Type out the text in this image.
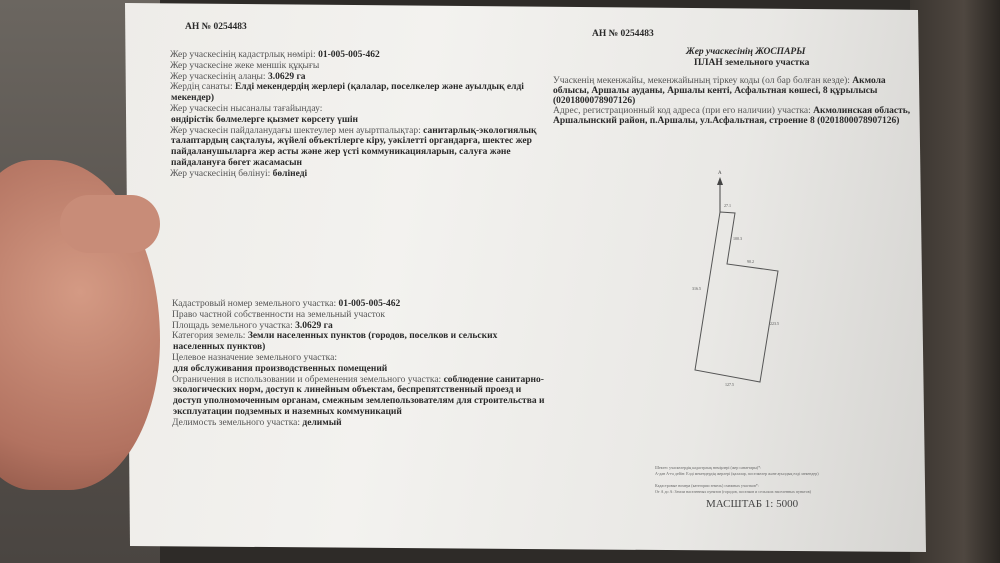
АН № 0254483
Жер учаскесінің кадастрлық нөмірі: 01-005-005-462
Жер учаскесіне жеке меншік құқығы
Жер учаскесінің алаңы: 3.0629 га
Жердің санаты: Елді мекендердің жерлері (қалалар, поселкелер және ауылдық елді
мекендер)
Жер учаскесін нысаналы тағайындау:
өндірістік бөлмелерге қызмет көрсету үшін
Жер учаскесін пайдаланудағы шектеулер мен ауыртпалықтар: санитарлық-экологиялық
талаптардың сақталуы, жүйелі объектілерге кіру, уәкілетті органдарға, шектес жер
пайдаланушыларға жер асты және жер үсті коммуникацияларын, салуға және
пайдалануға бөгет жасамасын
Жер учаскесінің бөлінуі: бөлінеді
Кадастровый номер земельного участка: 01-005-005-462
Право частной собственности на земельный участок
Площадь земельного участка: 3.0629 га
Категория земель: Земли населенных пунктов (городов, поселков и сельских
населенных пунктов)
Целевое назначение земельного участка:
для обслуживания производственных помещений
Ограничения в использовании и обременения земельного участка: соблюдение санитарно-
экологических норм, доступ к линейным объектам, беспрепятственный проезд и
доступ уполномоченным органам, смежным землепользователям для строительства и
эксплуатации подземных и наземных коммуникаций
Делимость земельного участка: делимый
АН № 0254483
Жер учаскесінің ЖОСПАРЫ
ПЛАН земельного участка
Учаскенің мекенжайы, мекенжайының тіркеу коды (ол бар болған кезде): Акмола
облысы, Аршалы ауданы, Аршалы кенті, Асфальтная көшесі, 8 құрылысы
(0201800078907126)
Адрес, регистрационный код адреса (при его наличии) участка: Акмолинская область,
Аршалынский район, п.Аршалы, ул.Асфальтная, строение 8 (0201800078907126)
А
27.1
100.3
90.2
223.5
127.5
316.5
Шектес учаскелердің кадастрлық нөмірлері (жер санаттары)*:
А-дан А-ға дейін: Елді мекендердің жерлері (қалалар, поселкелер және ауылдық елді мекендер)
Кадастровые номера (категории земель) смежных участков*:
От А до А: Земли населенных пунктов (городов, поселков и сельских населенных пунктов)
МАСШТАБ 1: 5000
